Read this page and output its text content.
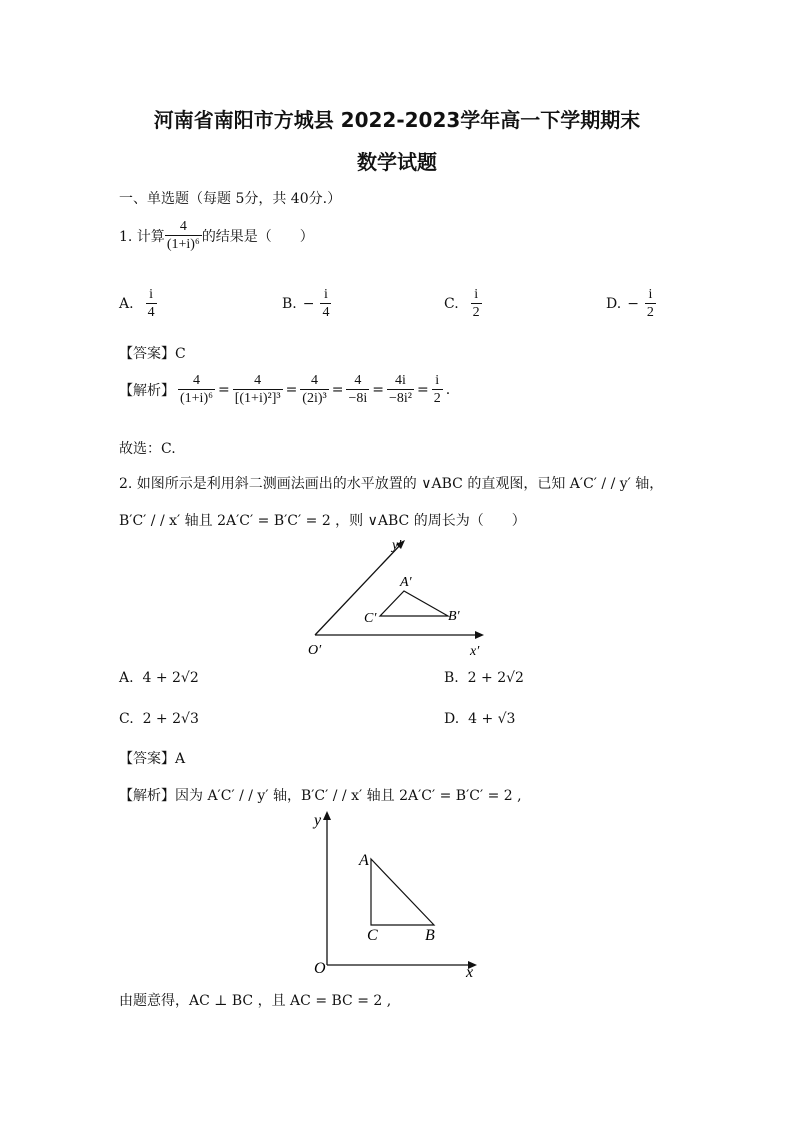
河南省南阳市方城县 2022-2023学年高一下学期期末
数学试题
一、单选题（每题 5分，共 40分.）
1. 计算 $\frac{4}{\text{(1+i)⁶}}$ 的结果是（　　）
A. $\frac{i}{4}$	B. − $\frac{i}{4}$	C. $\frac{i}{2}$	D. − $\frac{i}{2}$
【答案】C
【解析】 $\frac{4}{\text{(1+i)⁶}} = \frac{4}{\text{[(1+i)²]³}} = \frac{4}{\text{(2i)³}} = \frac{4}{-8i} = \frac{4i}{\text{−8i²}} = \frac{i}{2}$ .
故选：C.
2. 如图所示是利用斜二测画法画出的水平放置的 ∨ABC 的直观图，已知 A′C′ / / y′ 轴，
B′C′ / / x′ 轴且 2A′C′ = B′C′ = 2 ，则 ∨ABC 的周长为（　　）
y′
x′
O′
A′
B′
C′
A. 4 + 2√2	B. 2 + 2√2
C. 2 + 2√3	D. 4 + √3
【答案】A
【解析】因为 A′C′ / / y′ 轴，B′C′ / / x′ 轴且 2A′C′ = B′C′ = 2 ,
y
x
O
A
B
C
由题意得，AC ⊥ BC ，且 AC = BC = 2 ,
